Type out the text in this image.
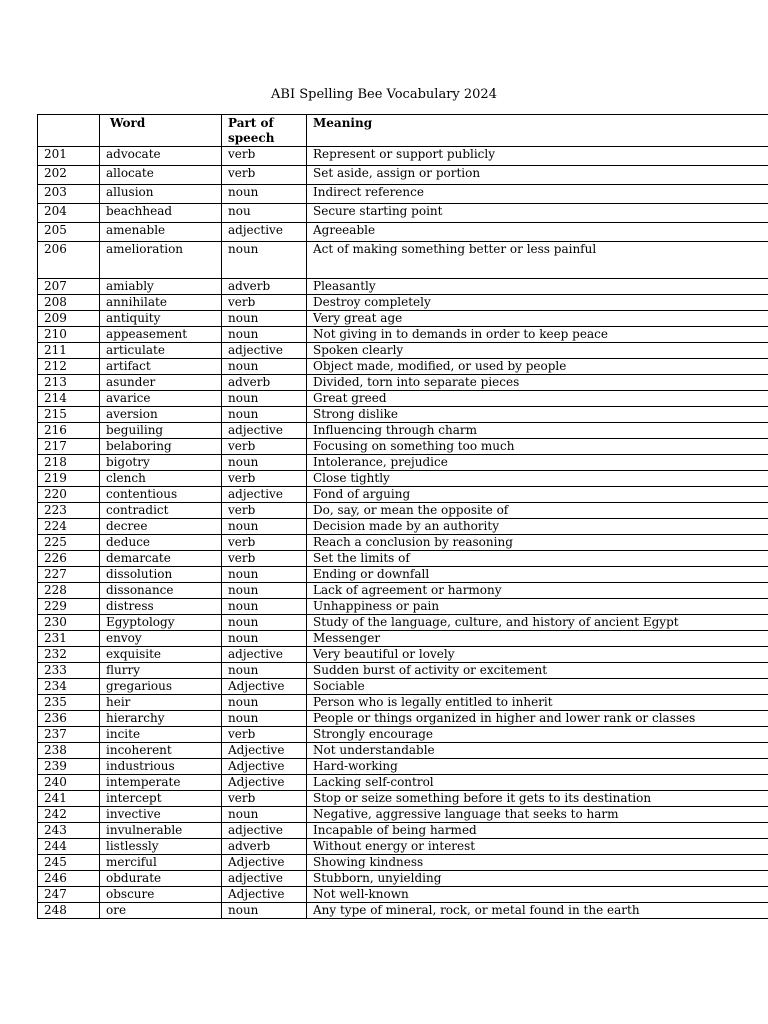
ABI Spelling Bee Vocabulary 2024
	Word	Part of speech	Meaning
201	advocate	verb	Represent or support publicly
202	allocate	verb	Set aside, assign or portion
203	allusion	noun	Indirect reference
204	beachhead	nou	Secure starting point
205	amenable	adjective	Agreeable
206	amelioration	noun	Act of making something better or less painful
207	amiably	adverb	Pleasantly
208	annihilate	verb	Destroy completely
209	antiquity	noun	Very great age
210	appeasement	noun	Not giving in to demands in order to keep peace
211	articulate	adjective	Spoken clearly
212	artifact	noun	Object made, modified, or used by people
213	asunder	adverb	Divided, torn into separate pieces
214	avarice	noun	Great greed
215	aversion	noun	Strong dislike
216	beguiling	adjective	Influencing through charm
217	belaboring	verb	Focusing on something too much
218	bigotry	noun	Intolerance, prejudice
219	clench	verb	Close tightly
220	contentious	adjective	Fond of arguing
223	contradict	verb	Do, say, or mean the opposite of
224	decree	noun	Decision made by an authority
225	deduce	verb	Reach a conclusion by reasoning
226	demarcate	verb	Set the limits of
227	dissolution	noun	Ending or downfall
228	dissonance	noun	Lack of agreement or harmony
229	distress	noun	Unhappiness or pain
230	Egyptology	noun	Study of the language, culture, and history of ancient Egypt
231	envoy	noun	Messenger
232	exquisite	adjective	Very beautiful or lovely
233	flurry	noun	Sudden burst of activity or excitement
234	gregarious	Adjective	Sociable
235	heir	noun	Person who is legally entitled to inherit
236	hierarchy	noun	People or things organized in higher and lower rank or classes
237	incite	verb	Strongly encourage
238	incoherent	Adjective	Not understandable
239	industrious	Adjective	Hard-working
240	intemperate	Adjective	Lacking self-control
241	intercept	verb	Stop or seize something before it gets to its destination
242	invective	noun	Negative, aggressive language that seeks to harm
243	invulnerable	adjective	Incapable of being harmed
244	listlessly	adverb	Without energy or interest
245	merciful	Adjective	Showing kindness
246	obdurate	adjective	Stubborn, unyielding
247	obscure	Adjective	Not well-known
248	ore	noun	Any type of mineral, rock, or metal found in the earth
